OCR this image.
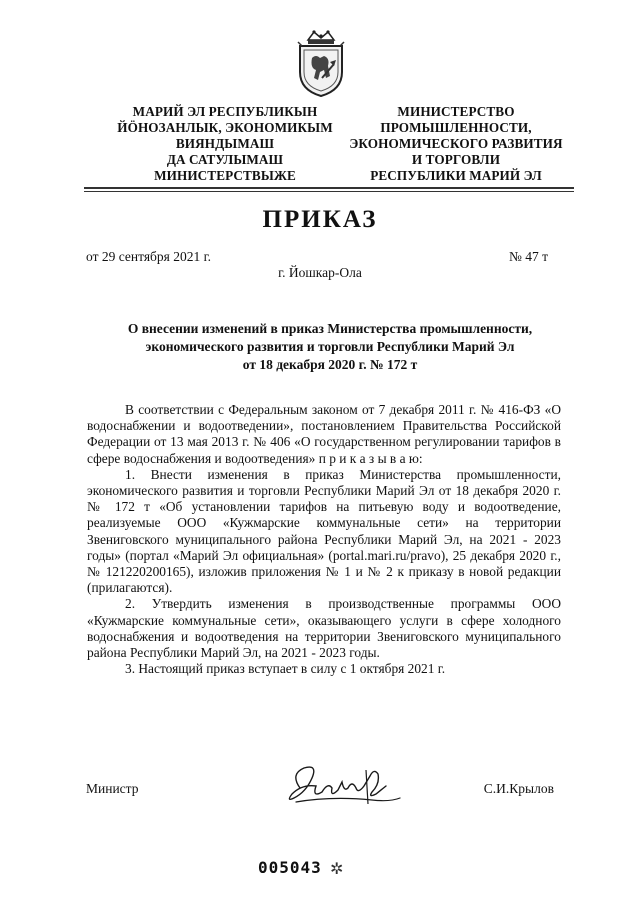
МАРИЙ ЭЛ РЕСПУБЛИКЫН
ЙÖНОЗАНЛЫК, ЭКОНОМИКЫМ
ВИЯНДЫМАШ
ДА САТУЛЫМАШ
МИНИСТЕРСТВЫЖЕ
МИНИСТЕРСТВО
ПРОМЫШЛЕННОСТИ,
ЭКОНОМИЧЕСКОГО РАЗВИТИЯ
И ТОРГОВЛИ
РЕСПУБЛИКИ МАРИЙ ЭЛ
ПРИКАЗ
от 29 сентября 2021 г.	№ 47 т
г. Йошкар-Ола
О внесении изменений в приказ Министерства промышленности,
экономического развития и торговли Республики Марий Эл
от 18 декабря 2020 г. № 172 т

В соответствии с Федеральным законом от 7 декабря 2011 г. № 416-ФЗ «О водоснабжении и водоотведении», постановлением Правительства Российской Федерации от 13 мая 2013 г. № 406 «О государственном регулировании тарифов в сфере водоснабжения и водоотведения» п р и к а з ы в а ю:

1. Внести изменения в приказ Министерства промышленности, экономического развития и торговли Республики Марий Эл от 18 декабря 2020 г. № 172 т «Об установлении тарифов на питьевую воду и водоотведение, реализуемые ООО «Кужмарские коммунальные сети» на территории Звениговского муниципального района Республики Марий Эл, на 2021 - 2023 годы» (портал «Марий Эл официальная» (portal.mari.ru/pravo), 25 декабря 2020 г., № 121220200165), изложив приложения № 1 и № 2 к приказу в новой редакции (прилагаются).

2. Утвердить изменения в производственные программы ООО «Кужмарские коммунальные сети», оказывающего услуги в сфере холодного водоснабжения и водоотведения на территории Звениговского муниципального района Республики Марий Эл, на 2021 - 2023 годы.

3. Настоящий приказ вступает в силу с 1 октября 2021 г.

Министр	С.И.Крылов
005043 ✲
